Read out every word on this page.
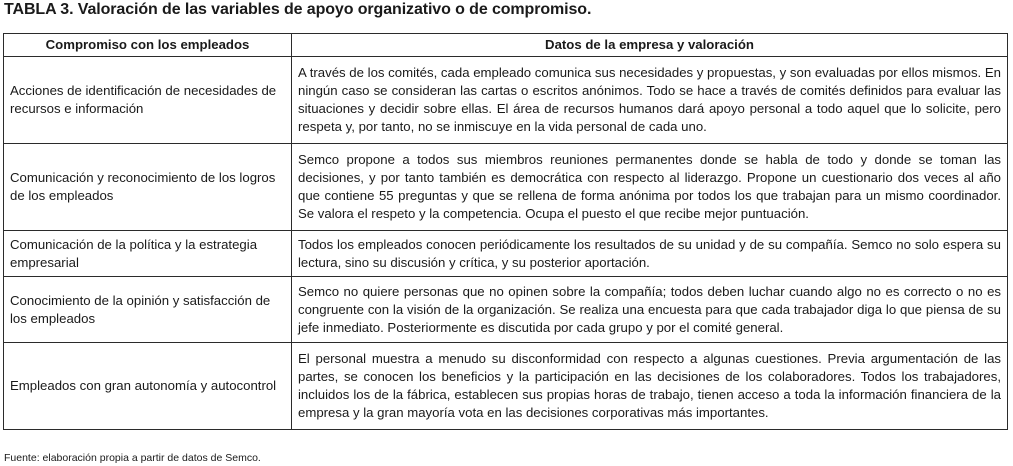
TABLA 3. Valoración de las variables de apoyo organizativo o de compromiso.
Compromiso con los empleados	Datos de la empresa y valoración
Acciones de identificación de necesidades de recursos e información	A través de los comités, cada empleado comunica sus necesidades y propuestas, y son evaluadas por ellos mismos. En ningún caso se consideran las cartas o escritos anónimos. Todo se hace a través de comités definidos para evaluar las situaciones y decidir sobre ellas. El área de recursos humanos dará apoyo personal a todo aquel que lo solicite, pero respeta y, por tanto, no se inmiscuye en la vida personal de cada uno.
Comunicación y reconocimiento de los logros de los empleados	Semco propone a todos sus miembros reuniones permanentes donde se habla de todo y donde se toman las decisiones, y por tanto también es democrática con respecto al liderazgo. Propone un cuestionario dos veces al año que contiene 55 preguntas y que se rellena de forma anónima por todos los que trabajan para un mismo coordinador. Se valora el respeto y la competencia. Ocupa el puesto el que recibe mejor puntuación.
Comunicación de la política y la estrategia empresarial	Todos los empleados conocen periódicamente los resultados de su unidad y de su compañía. Semco no solo espera su lectura, sino su discusión y crítica, y su posterior aportación.
Conocimiento de la opinión y satisfacción de los empleados	Semco no quiere personas que no opinen sobre la compañía; todos deben luchar cuando algo no es correcto o no es congruente con la visión de la organización. Se realiza una encuesta para que cada trabajador diga lo que piensa de su jefe inmediato. Posteriormente es discutida por cada grupo y por el comité general.
Empleados con gran autonomía y autocontrol	El personal muestra a menudo su disconformidad con respecto a algunas cuestiones. Previa argumentación de las partes, se conocen los beneficios y la participación en las decisiones de los colaboradores. Todos los trabajadores, incluidos los de la fábrica, establecen sus propias horas de trabajo, tienen acceso a toda la información financiera de la empresa y la gran mayoría vota en las decisiones corporativas más importantes.
Fuente: elaboración propia a partir de datos de Semco.
